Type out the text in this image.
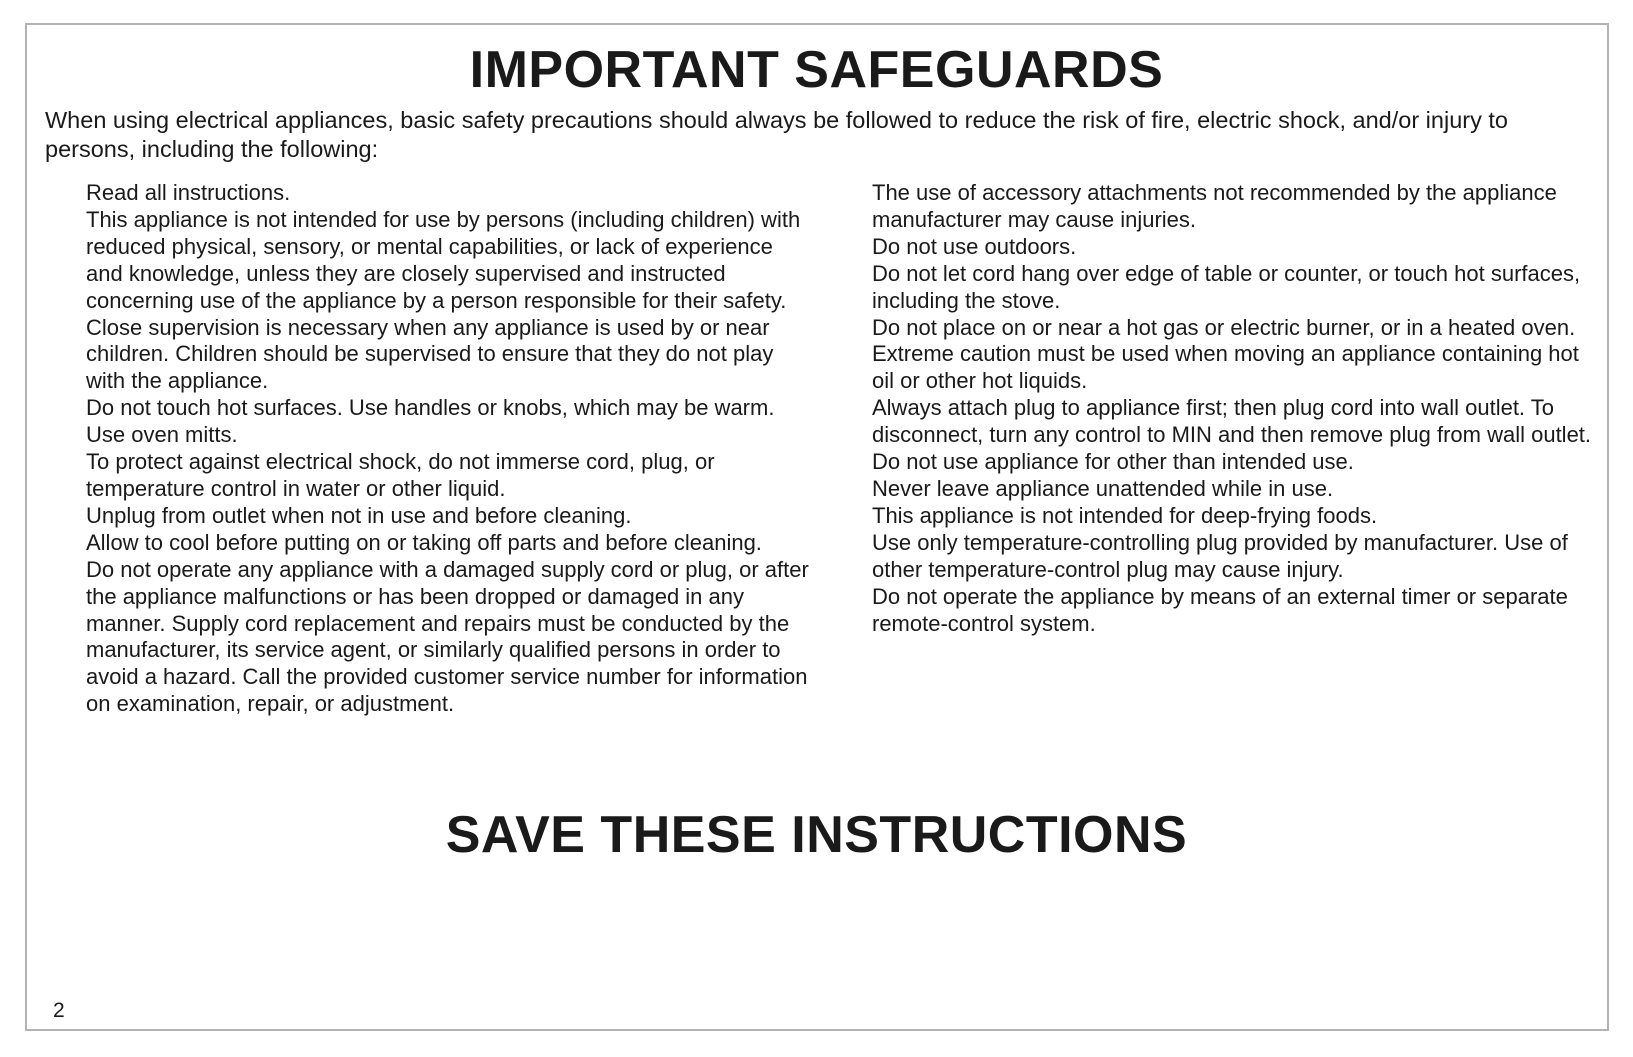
IMPORTANT SAFEGUARDS

When using electrical appliances, basic safety precautions should always be followed to reduce the risk of fire, electric shock, and/or injury to persons, including the following:

Read all instructions.
This appliance is not intended for use by persons (including children) with reduced physical, sensory, or mental capabilities, or lack of experience and knowledge, unless they are closely supervised and instructed concerning use of the appliance by a person responsible for their safety.
Close supervision is necessary when any appliance is used by or near children. Children should be supervised to ensure that they do not play with the appliance.
Do not touch hot surfaces. Use handles or knobs, which may be warm. Use oven mitts.
To protect against electrical shock, do not immerse cord, plug, or temperature control in water or other liquid.
Unplug from outlet when not in use and before cleaning.
Allow to cool before putting on or taking off parts and before cleaning.
Do not operate any appliance with a damaged supply cord or plug, or after the appliance malfunctions or has been dropped or damaged in any manner. Supply cord replacement and repairs must be conducted by the manufacturer, its service agent, or similarly qualified persons in order to avoid a hazard. Call the provided customer service number for information on examination, repair, or adjustment.
The use of accessory attachments not recommended by the appliance manufacturer may cause injuries.
Do not use outdoors.
Do not let cord hang over edge of table or counter, or touch hot surfaces, including the stove.
Do not place on or near a hot gas or electric burner, or in a heated oven.
Extreme caution must be used when moving an appliance containing hot oil or other hot liquids.
Always attach plug to appliance first; then plug cord into wall outlet. To disconnect, turn any control to MIN and then remove plug from wall outlet.
Do not use appliance for other than intended use.
Never leave appliance unattended while in use.
This appliance is not intended for deep-frying foods.
Use only temperature-controlling plug provided by manufacturer. Use of other temperature-control plug may cause injury.
Do not operate the appliance by means of an external timer or separate remote-control system.
SAVE THESE INSTRUCTIONS
2
